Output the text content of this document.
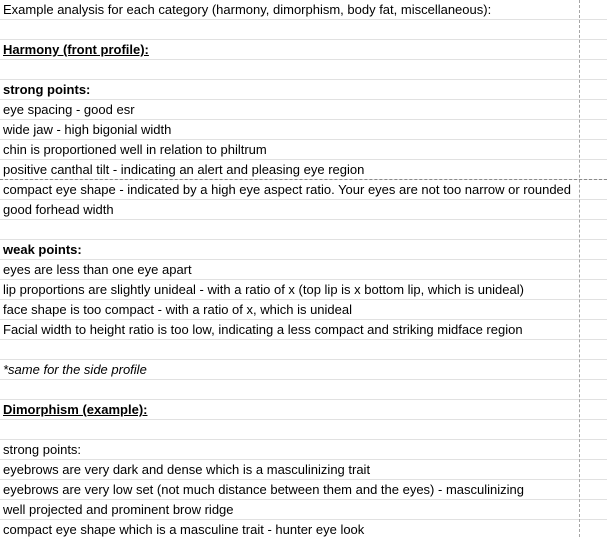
Example analysis for each category (harmony, dimorphism, body fat, miscellaneous):
Harmony (front profile):
strong points:
eye spacing - good esr
wide jaw - high bigonial width
chin is proportioned well in relation to philtrum
positive canthal tilt - indicating an alert and pleasing eye region
compact eye shape - indicated by a high eye aspect ratio. Your eyes are not too narrow or rounded
good forhead width
weak points:
eyes are less than one eye apart
lip proportions are slightly unideal - with a ratio of x (top lip is x bottom lip, which is unideal)
face shape is too compact - with a ratio of x, which is unideal
Facial width to height ratio is too low, indicating a less compact and striking midface region
*same for the side profile
Dimorphism (example):
strong points:
eyebrows are very dark and dense which is a masculinizing trait
eyebrows are very low set (not much distance between them and the eyes) - masculinizing
well projected and prominent brow ridge
compact eye shape which is a masculine trait - hunter eye look
